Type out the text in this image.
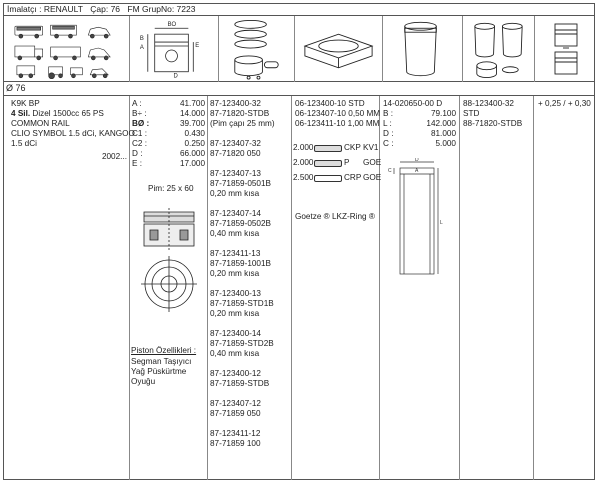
İmalatçı : RENAULT Çap: 76 FM GrupNo: 7223
BO
B
A	E
D
Ø 76
K9K BP
4 Sil. Dizel 1500cc 65 PS
COMMON RAIL
CLIO SYMBOL 1.5 dCi, KANGOO
1.5 dCi
2002...
A :	41.700
B÷ :	14.000
BØ :	39.700
C1 :	0.430
C2 :	0.250
D :	66.000
E :	17.000
Pim: 25 x 60
Piston Özellikleri :
Segman Taşıyıcı
Yağ Püskürtme
Oyuğu
87-123400-32
87-71820-STDB
(Pim çapı 25 mm)
87-123407-32
87-71820 050
87-123407-13
87-71859-0501B
0,20 mm kısa
87-123407-14
87-71859-0502B
0,40 mm kısa
87-123411-13
87-71859-1001B
0,20 mm kısa
87-123400-13
87-71859-STD1B
0,20 mm kısa
87-123400-14
87-71859-STD2B
0,40 mm kısa
87-123400-12
87-71859-STDB
87-123407-12
87-71859 050
87-123411-12
87-71859 100
06-123400-10 STD
06-123407-10 0,50 MM
06-123411-10 1,00 MM
2.000	CKP KV1
2.000	P GOE
2.500	CRP GOE
Goetze ® LKZ-Ring ®
14-020650-00 D
B :	79.100
L :	142.000
D :	81.000
C :	5.000
D
A
C
L
88-123400-32
STD
88-71820-STDB
+ 0,25 / + 0,30
